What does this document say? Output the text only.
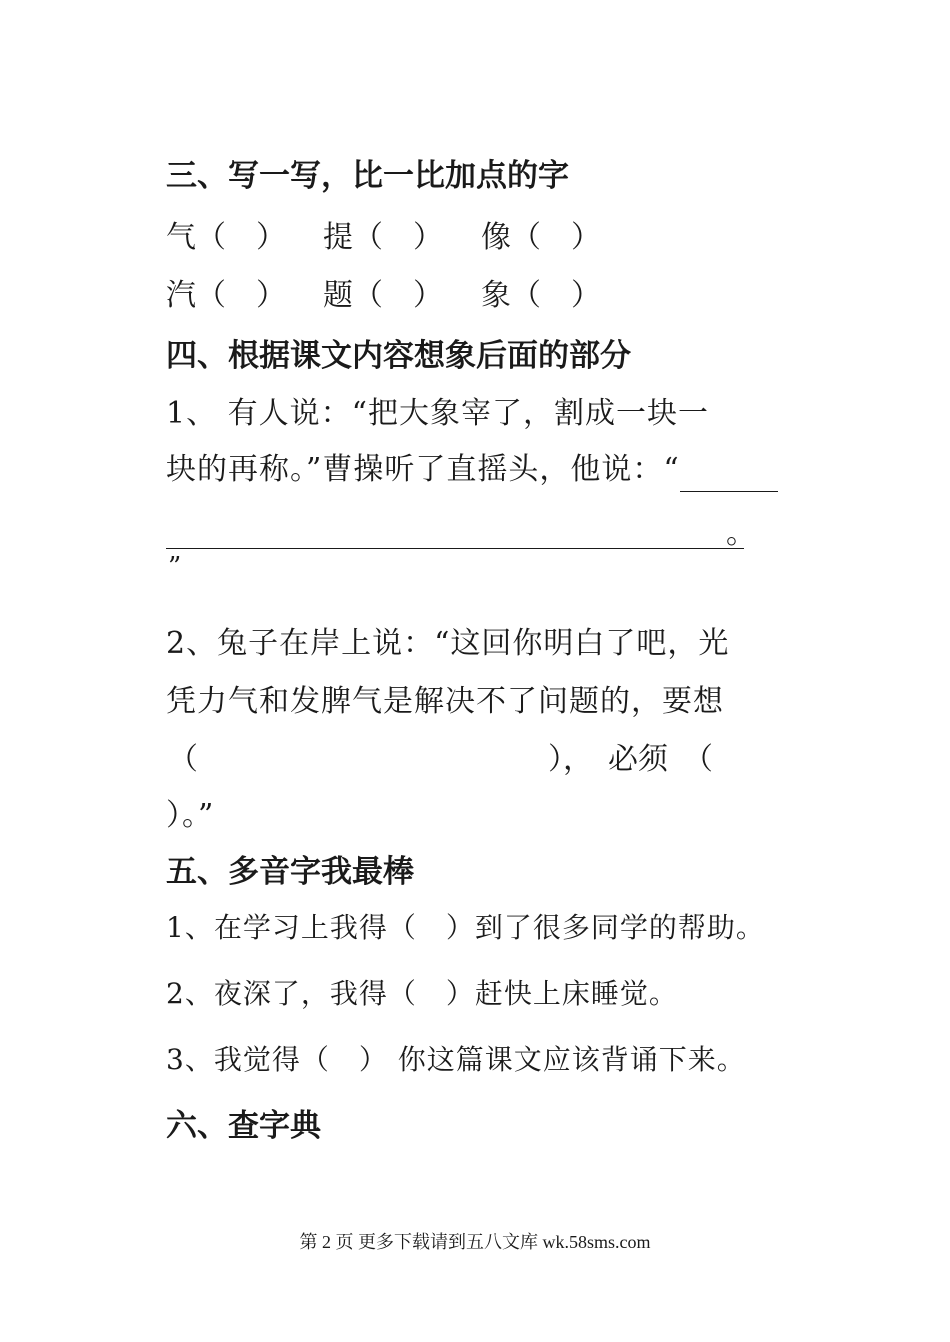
三、写一写，比一比加点的字
气（　） 提（　） 像（　）
汽（　） 题（　） 象（　）
四、根据课文内容想象后面的部分
1、 有人说：“把大象宰了，割成一块一
块的再称。”曹操听了直摇头，他说：“
。
”
2、兔子在岸上说：“这回你明白了吧，光
凭力气和发脾气是解决不了问题的，要想
（	），　必须　（
）。”
五、多音字我最棒
1、在学习上我得（　）到了很多同学的帮助。
2、夜深了，我得（　）赶快上床睡觉。
3、我觉得（　） 你这篇课文应该背诵下来。
六、查字典
第 2 页 更多下载请到五八文库 wk.58sms.com
